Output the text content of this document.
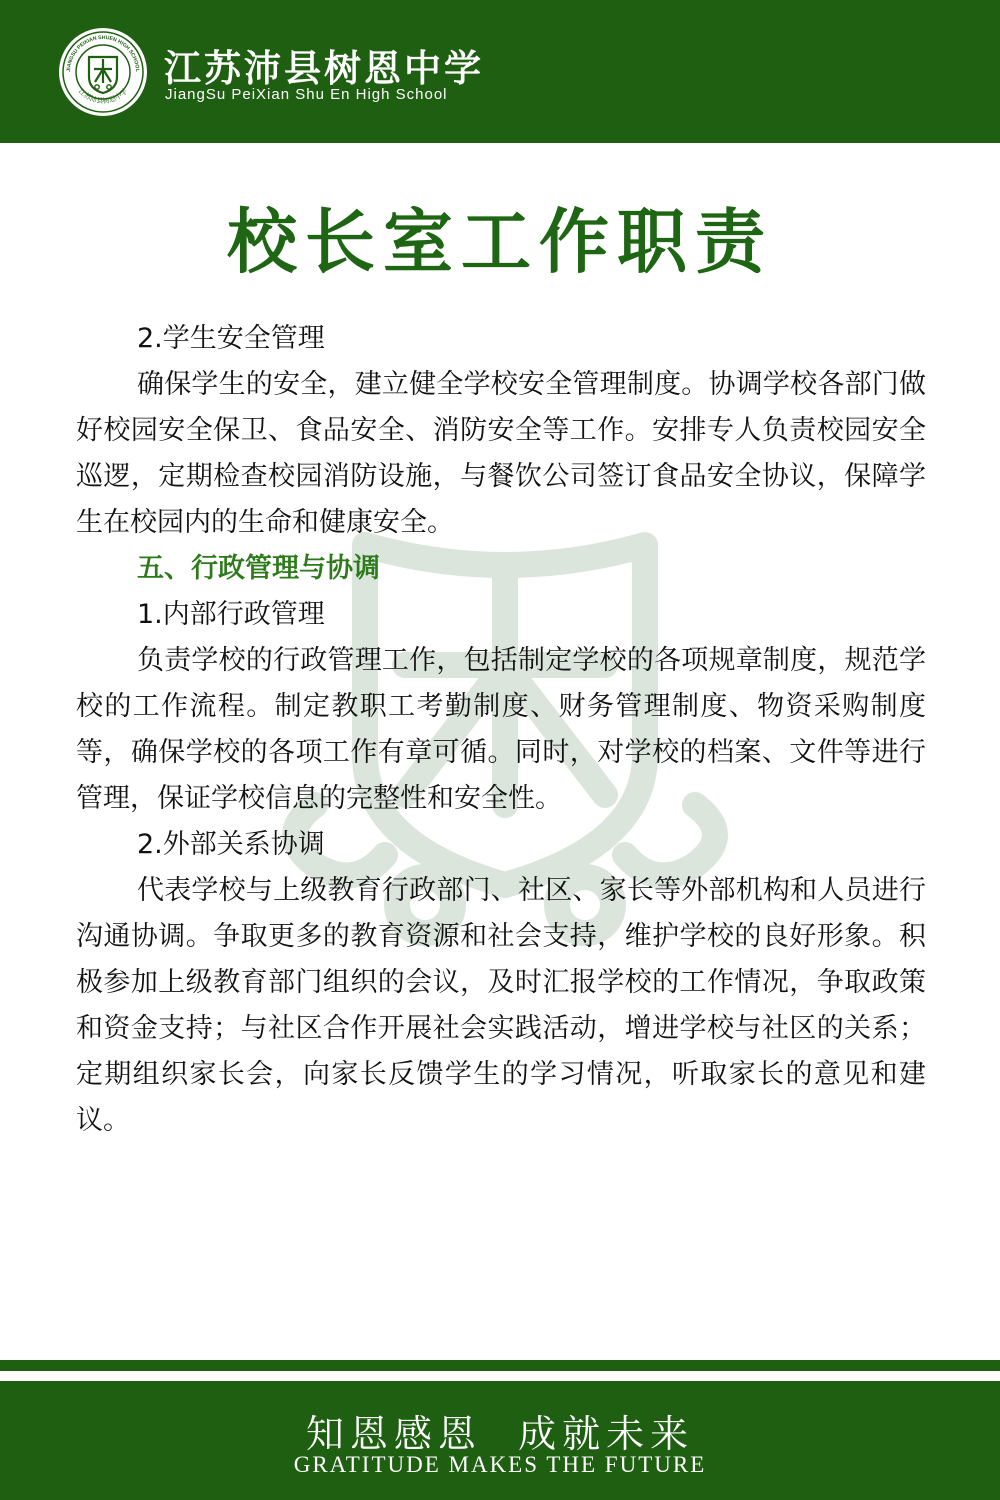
JIANGSU PEIXIAN SHUEN HIGH SCHOOL
江苏沛县树恩中学
江苏沛县树恩中学
JiangSu PeiXian Shu En High School
校长室工作职责

2.学生安全管理

确保学生的安全，建立健全学校安全管理制度。协调学校各部门做好校园安全保卫、食品安全、消防安全等工作。安排专人负责校园安全巡逻，定期检查校园消防设施，与餐饮公司签订食品安全协议，保障学生在校园内的生命和健康安全。

五、行政管理与协调

1.内部行政管理

负责学校的行政管理工作，包括制定学校的各项规章制度，规范学校的工作流程。制定教职工考勤制度、财务管理制度、物资采购制度等，确保学校的各项工作有章可循。同时，对学校的档案、文件等进行管理，保证学校信息的完整性和安全性。

2.外部关系协调

代表学校与上级教育行政部门、社区、家长等外部机构和人员进行沟通协调。争取更多的教育资源和社会支持，维护学校的良好形象。积极参加上级教育部门组织的会议，及时汇报学校的工作情况，争取政策和资金支持；与社区合作开展社会实践活动，增进学校与社区的关系；定期组织家长会，向家长反馈学生的学习情况，听取家长的意见和建议。

知恩感恩  成就未来
GRATITUDE MAKES THE FUTURE
